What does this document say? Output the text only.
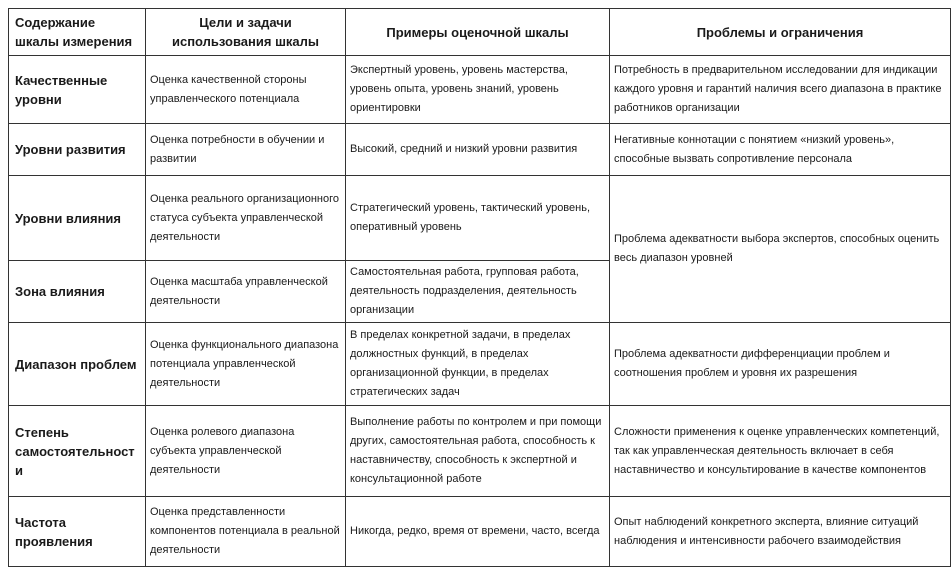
Содержание шкалы измерения	Цели и задачи использования шкалы	Примеры оценочной шкалы	Проблемы и ограничения
Качественные уровни	Оценка качественной стороны управленческого потенциала	Экспертный уровень, уровень мастерства, уровень опыта, уровень знаний, уровень ориентировки	Потребность в предварительном исследовании для индикации каждого уровня и гарантий наличия всего диапазона в практике работников организации
Уровни развития	Оценка потребности в обучении и развитии	Высокий, средний и низкий уровни развития	Негативные коннотации с понятием «низкий уровень», способные вызвать сопротивление персонала
Уровни влияния	Оценка реального организационного статуса субъекта управленческой деятельности	Стратегический уровень, тактический уровень, оперативный уровень	Проблема адекватности выбора экспертов, способных оценить весь диапазон уровней
Зона влияния	Оценка масштаба управленческой деятельности	Самостоятельная работа, групповая работа, деятельность подразделения, деятельность организации	
Диапазон проблем	Оценка функционального диапазона потенциала управленческой деятельности	В пределах конкретной задачи, в пределах должностных функций, в пределах организационной функции, в пределах стратегических задач	Проблема адекватности дифференциации проблем и соотношения проблем и уровня их разрешения
Степень самостоятельности	Оценка ролевого диапазона субъекта управленческой деятельности	Выполнение работы по контролем и при помощи других, самостоятельная работа, способность к наставничеству, способность к экспертной и консультационной работе	Сложности применения к оценке управленческих компетенций, так как управленческая деятельность включает в себя наставничество и консультирование в качестве компонентов
Частота проявления	Оценка представленности компонентов потенциала в реальной деятельности	Никогда, редко, время от времени, часто, всегда	Опыт наблюдений конкретного эксперта, влияние ситуаций наблюдения и интенсивности рабочего взаимодействия
